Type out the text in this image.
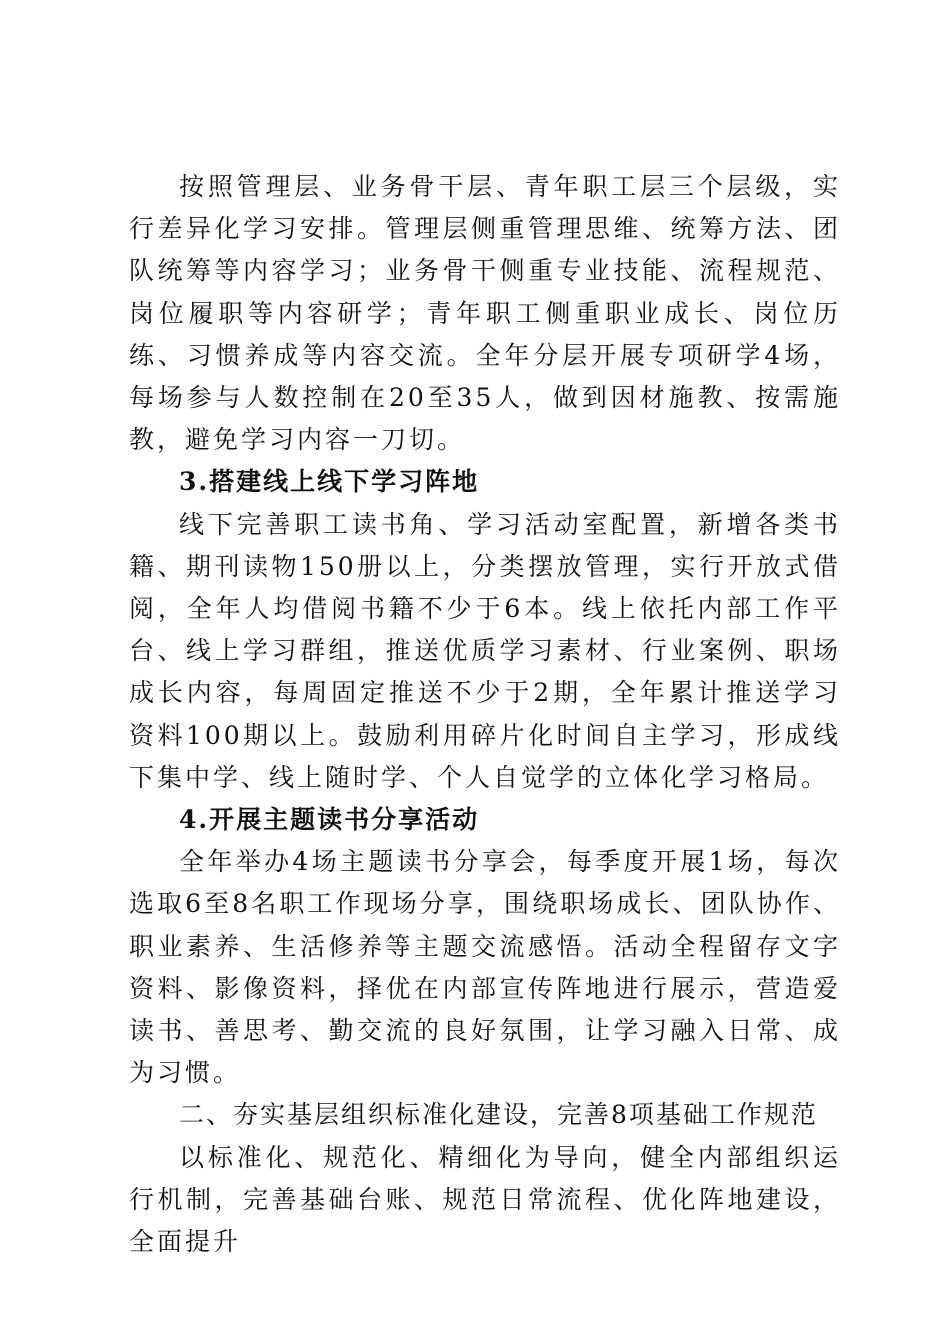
按照管理层、业务骨干层、青年职工层三个层级，实行差异化学习安排。管理层侧重管理思维、统筹方法、团队统筹等内容学习；业务骨干侧重专业技能、流程规范、岗位履职等内容研学；青年职工侧重职业成长、岗位历练、习惯养成等内容交流。全年分层开展专项研学4场，每场参与人数控制在20至35人，做到因材施教、按需施教，避免学习内容一刀切。

3.搭建线上线下学习阵地

线下完善职工读书角、学习活动室配置，新增各类书籍、期刊读物150册以上，分类摆放管理，实行开放式借阅，全年人均借阅书籍不少于6本。线上依托内部工作平台、线上学习群组，推送优质学习素材、行业案例、职场成长内容，每周固定推送不少于2期，全年累计推送学习资料100期以上。鼓励利用碎片化时间自主学习，形成线下集中学、线上随时学、个人自觉学的立体化学习格局。

4.开展主题读书分享活动

全年举办4场主题读书分享会，每季度开展1场，每次选取6至8名职工作现场分享，围绕职场成长、团队协作、职业素养、生活修养等主题交流感悟。活动全程留存文字资料、影像资料，择优在内部宣传阵地进行展示，营造爱读书、善思考、勤交流的良好氛围，让学习融入日常、成为习惯。

二、夯实基层组织标准化建设，完善8项基础工作规范

以标准化、规范化、精细化为导向，健全内部组织运行机制，完善基础台账、规范日常流程、优化阵地建设，全面提升
